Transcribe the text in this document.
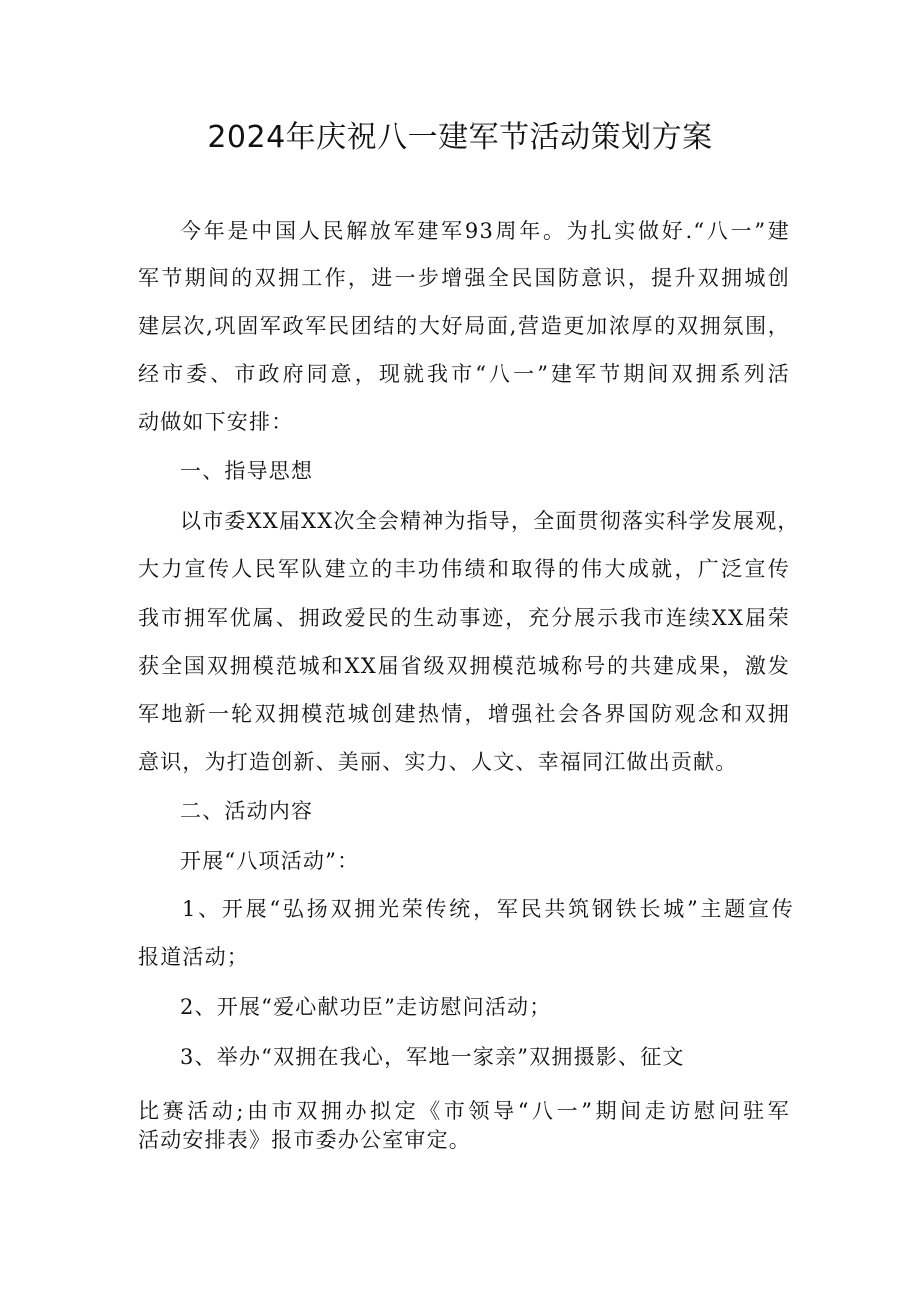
2024年庆祝八一建军节活动策划方案
今年是中国人民解放军建军93周年。为扎实做好.“八一”建
军节期间的双拥工作，进一步增强全民国防意识，提升双拥城创
建层次,巩固军政军民团结的大好局面,营造更加浓厚的双拥氛围，
经市委、市政府同意，现就我市“八一”建军节期间双拥系列活
动做如下安排：
一、指导思想
以市委XX届XX次全会精神为指导，全面贯彻落实科学发展观，
大力宣传人民军队建立的丰功伟绩和取得的伟大成就，广泛宣传
我市拥军优属、拥政爱民的生动事迹，充分展示我市连续XX届荣
获全国双拥模范城和XX届省级双拥模范城称号的共建成果，激发
军地新一轮双拥模范城创建热情，增强社会各界国防观念和双拥
意识，为打造创新、美丽、实力、人文、幸福同江做出贡献。
二、活动内容
开展“八项活动”：
1、开展“弘扬双拥光荣传统，军民共筑钢铁长城”主题宣传
报道活动；
2、开展“爱心献功臣”走访慰问活动；
3、举办“双拥在我心，军地一家亲”双拥摄影、征文
比赛活动;由市双拥办拟定《市领导“八一”期间走访慰问驻军
活动安排表》报市委办公室审定。
